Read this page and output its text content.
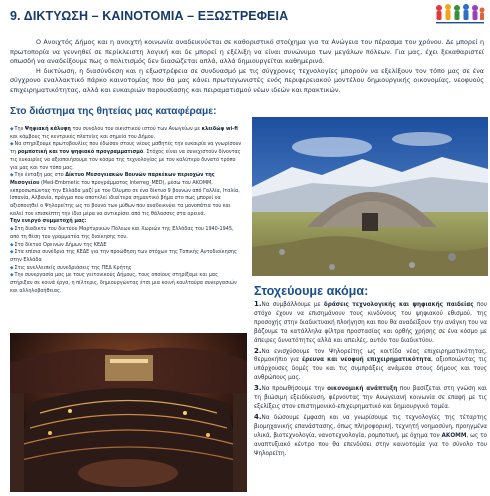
9. ΔΙΚΤΥΩΣΗ – ΚΑΙΝΟΤΟΜΙΑ – ΕΞΩΣΤΡΕΦΕΙΑ

Ο Ανοιχτός Δήμος και η ανοιχτή κοινωνία αναδεικνύεται σε καθοριστικό στοίχημα για τα Ανώγεια του πέρασμα του χρόνου. Δε μπορεί η πρωτοπορία να γεννηθεί σε περίκλειστη λογική και δε μπορεί η εξέλιξη να είναι συνώνυμο των μεγάλων πόλεων. Για μας, έχει ξεκαθαριστεί οπωσδή να αναδείξουμε πως ο πολιτισμός δεν διασώζεται απλά, αλλά δημιουργείται καθημερινά.

Η δικτύωση, η διασύνδεση και η εξωστρέφεια σε συνδυασμό με τις σύγχρονες τεχνολογίες μπορούν να εξελίξουν τον τόπο μας σε ένα σύγχρονο εναλλακτικό πάρκο καινοτομίας που θα μας κάνει πρωταγωνιστές ενός περιφερειακού μοντέλου δημιουργικής οικονομίας, νεοφυούς επιχειρηματικότητας, αλλά και ευκαιριών παρουσίασης και πειραματισμού νέων ιδεών και πρακτικών.

Στο διάστημα της θητείας μας καταφέραμε:
◆Την Ψηφιακή κάλυψη του συνόλου του οικιστικού ιστού των Ανωγείων με κλειδώφ wi-fi και κάμβους τις κεντρικές πλατείες και σημεία του Δήμου.
◆Να στηρίξουμε πρωτοβουλίες που έδωσαν στους νέους μαθητές την ευκαιρία να γνωρίσουν τη ρομποτική και τον ψηφιακό προγραμματισμό. Στόχος είναι να συνεχιστούν δίνοντας τις ευκαιρίες να αξιοποιήσουμε τον κόσμο της τεχνολογίας με τον καλύτερο δυνατό τρόπο για μας και τον τόπο μας.
◆Την ένταξη μας στο Δίκτυο Μεσογειακών Βουνών παρκέκων περιοχών της Μεσογείου (Med-Embmetic του προγράμματος Interreg_MED), μέσω του ΑΚΟΜΜ, εκπροσωπώντας την Ελλάδα μαζί με τον Όλυμπο σε ένα δίκτυο 9 βουνών από Γαλλία, Ιταλία, Ισπανία, Αλβανία, πράγμα που αποτελεί ιδιαίτερα σημαντικό βήμα στο πως μπορεί να αξιοποιηθεί ο Ψηλορείτης ως το βουνό των μύθων που αναδεικνύει τα μονοπάτια του και καλεί τον επισκέπτη την ίδια μέρα να αντικρίσει από τις θάλασσες στα ορεινά.
Την ενεργό συμμετοχή μας:
◆Στη διαδικτυ του δικτύου Μαρτυρικών Πόλεων και Χωριών της Ελλάδας του 1940-1945, από τη θέση του γραμματέα της διοίκησης του.
◆Στο δίκτυο Ορεινών Δήμων της ΚΕΔΕ
◆Στα επίσια συνέδρια της ΚΕΔΕ για την προώθηση των στόχων της Τοπικής Αυτοδιοίκησης στην Ελλάδα
◆Στις ανελλειπείς συνεδριάσεις της ΠΕΔ Κρήτης
◆Την συνεργασία μας με τους γειτονικούς Δήμους, τους οποίους στηρίξαμε και μας στήριξαν σε κοινά έργα, η πίλτερις, δημιουργώντας έτσι μια κοινή κουλτούρα συνεργασιών και αλληλοβοήθειας.	Στοχεύουμε ακόμα:
1.Να συμβάλλουμε με δράσεις τεχνολογικής και ψηφιακής παιδείας που στόχο έχουν να επισημάνουν τους κινδύνους του ψηφιακού εθισμού, της προσοχής στην διαδικτυακή πλοήγηση και που θα αναδείξουν την ανάγκη του να βάζουμε τα κατάλληλα φίλτρα προστασίας και ορθής χρήσης σε ένα κόσμο με άπειρες δυνατότητες αλλά και απειλές, αυτόν του διαδικτύου.
2.Να ενισχύσουμε τον Ψηλορείτης ως κοιτίδα νέας επιχειρηματικότητας, θερμοκήπιο για έρευνα και νεοφυή επιχειρηματικότητα, αξιοποιώντας τις υπάρχουσες δομές του και τις συμπράξεις ανάμεσα στους δήμους και τους ανθρώπους μας.
3.Να προωθήσουμε την οικονομική ανάπτυξη που βασίζεται στη γνώση και τη βιώσιμη εξειδίκευση, φέρνοντας την Ανωγειανή κοινωνία σε επαφή με τις εξελίξεις στον επιστημονικό-επιχειρηματικό και δημιουργικό τομέα.
4.Να δώσουμε έμφαση και να γνωρίσουμε τις τεχνολογίες της τέταρτης βιομηχανικής επανάστασης, όπως πληροφορική, τεχνητή νοημοσύνη, προηγμένα υλικά, βιοτεχνολογία, νανοτεχνολογία, ρομποτική, με όχημα τον ΑΚΟΜΜ, ως το αναπτυξιακό κέντρο που θα επενδύσει στην καινοτομία για το σύνολο του Ψηλορείτη.
